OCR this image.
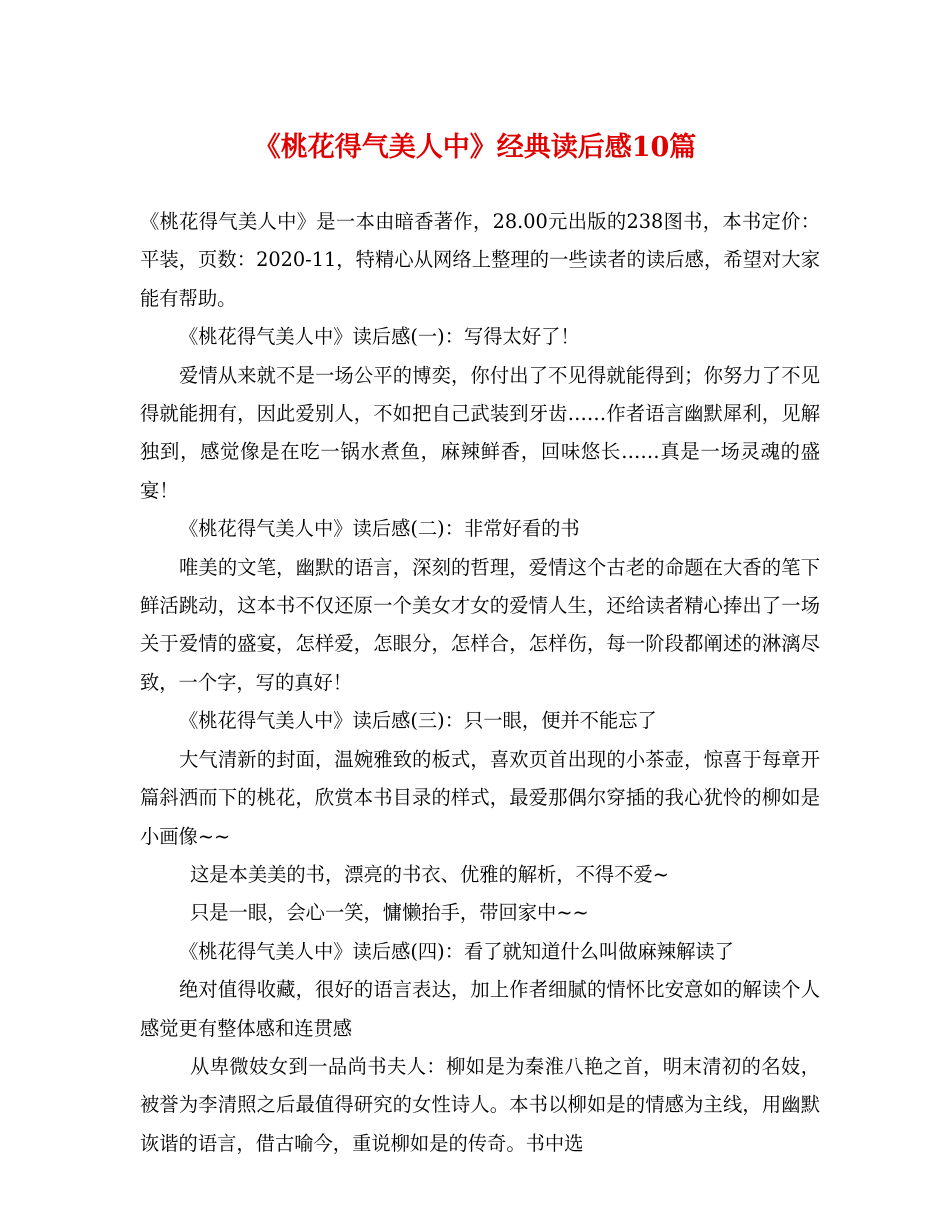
《桃花得气美人中》经典读后感10篇

《桃花得气美人中》是一本由暗香著作，28.00元出版的238图书，本书定价：平装，页数：2020-11，特精心从网络上整理的一些读者的读后感，希望对大家能有帮助。

《桃花得气美人中》读后感(一)：写得太好了！

爱情从来就不是一场公平的博奕，你付出了不见得就能得到；你努力了不见得就能拥有，因此爱别人，不如把自己武装到牙齿……作者语言幽默犀利，见解独到，感觉像是在吃一锅水煮鱼，麻辣鲜香，回味悠长……真是一场灵魂的盛宴！

《桃花得气美人中》读后感(二)：非常好看的书

唯美的文笔，幽默的语言，深刻的哲理，爱情这个古老的命题在大香的笔下鲜活跳动，这本书不仅还原一个美女才女的爱情人生，还给读者精心捧出了一场关于爱情的盛宴，怎样爱，怎眼分，怎样合，怎样伤，每一阶段都阐述的淋漓尽致，一个字，写的真好！

《桃花得气美人中》读后感(三)：只一眼，便并不能忘了

大气清新的封面，温婉雅致的板式，喜欢页首出现的小茶壶，惊喜于每章开篇斜洒而下的桃花，欣赏本书目录的样式，最爱那偶尔穿插的我心犹怜的柳如是小画像~~

这是本美美的书，漂亮的书衣、优雅的解析，不得不爱~

只是一眼，会心一笑，慵懒抬手，带回家中~~

《桃花得气美人中》读后感(四)：看了就知道什么叫做麻辣解读了

绝对值得收藏，很好的语言表达，加上作者细腻的情怀比安意如的解读个人感觉更有整体感和连贯感

从卑微妓女到一品尚书夫人：柳如是为秦淮八艳之首，明末清初的名妓，被誉为李清照之后最值得研究的女性诗人。本书以柳如是的情感为主线，用幽默诙谐的语言，借古喻今，重说柳如是的传奇。书中选
